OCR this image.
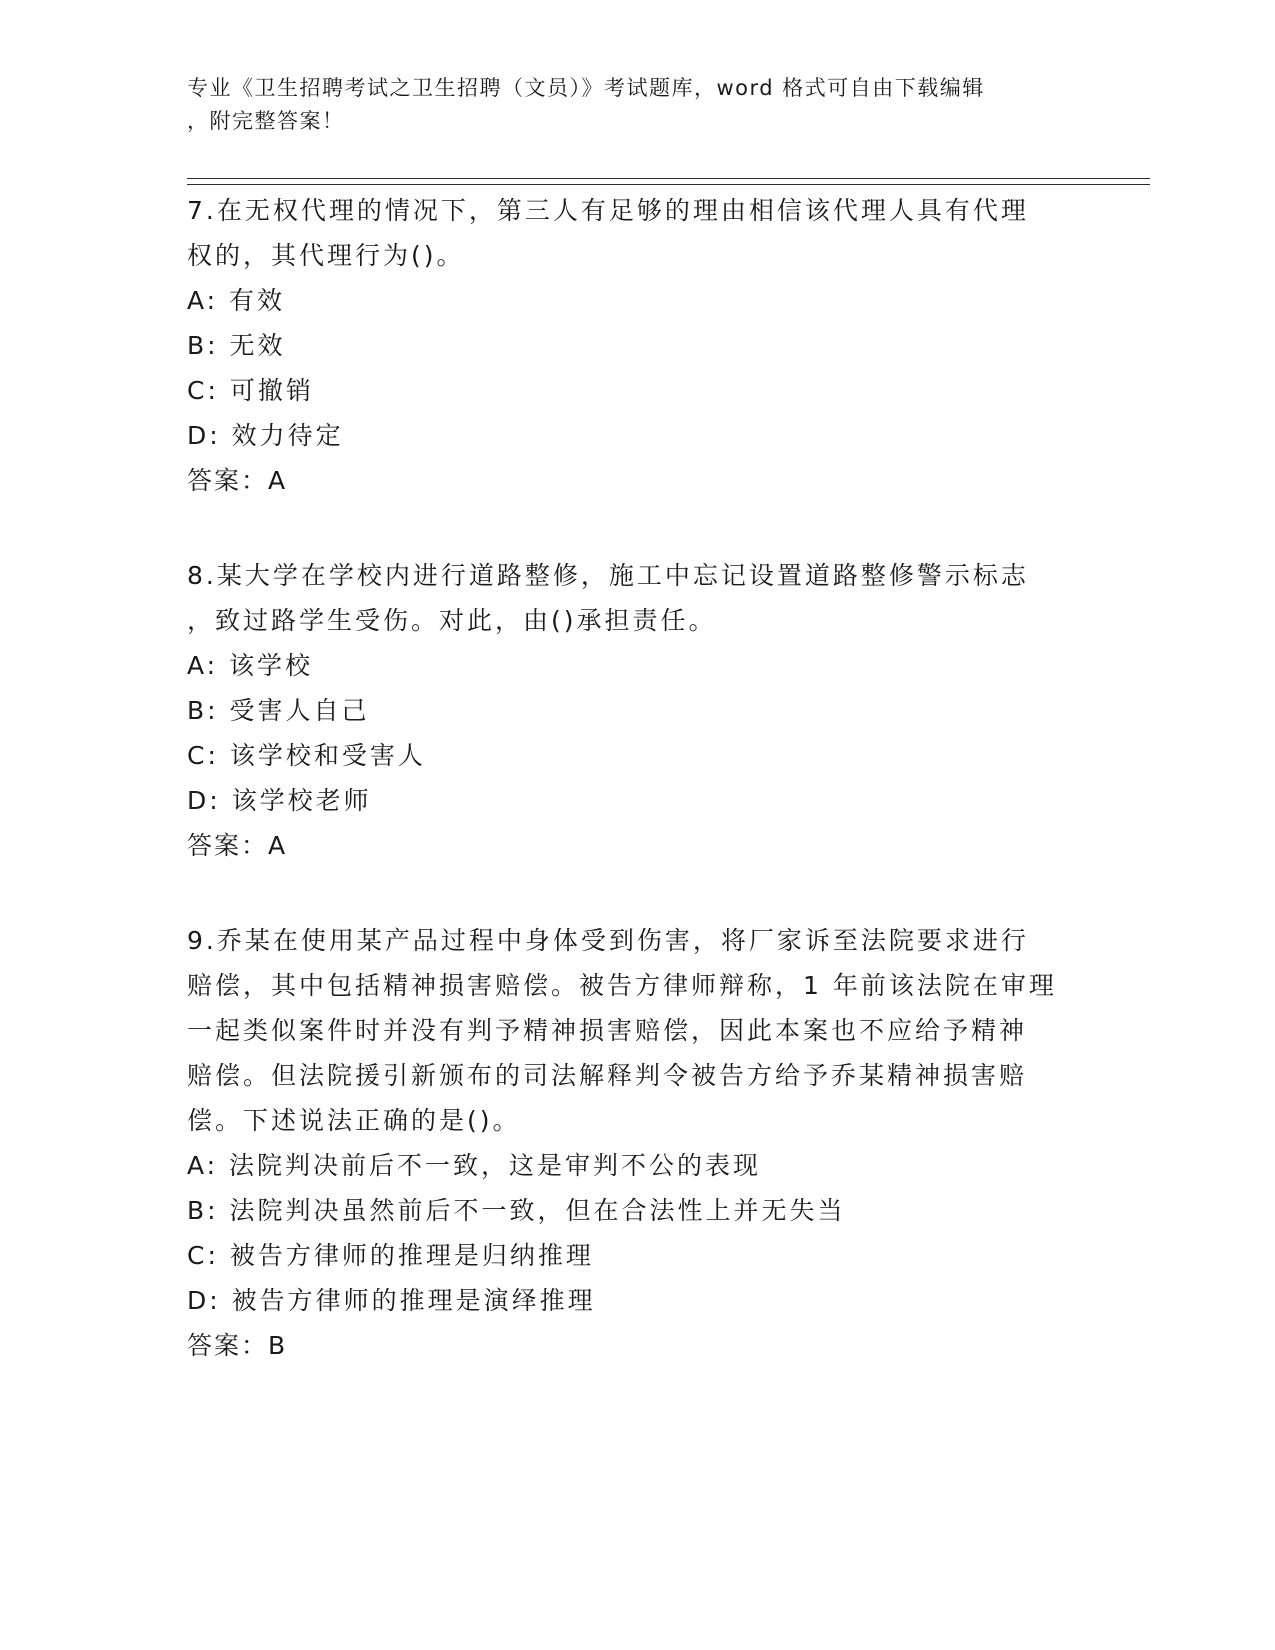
专业《卫生招聘考试之卫生招聘（文员）》考试题库，word 格式可自由下载编辑
，附完整答案！

7.在无权代理的情况下，第三人有足够的理由相信该代理人具有代理

权的，其代理行为()。

A: 有效

B: 无效

C: 可撤销

D: 效力待定

答案：A

8.某大学在学校内进行道路整修，施工中忘记设置道路整修警示标志

，致过路学生受伤。对此，由()承担责任。

A: 该学校

B: 受害人自己

C: 该学校和受害人

D: 该学校老师

答案：A

9.乔某在使用某产品过程中身体受到伤害，将厂家诉至法院要求进行

赔偿，其中包括精神损害赔偿。被告方律师辩称，1 年前该法院在审理

一起类似案件时并没有判予精神损害赔偿，因此本案也不应给予精神

赔偿。但法院援引新颁布的司法解释判令被告方给予乔某精神损害赔

偿。下述说法正确的是()。

A: 法院判决前后不一致，这是审判不公的表现

B: 法院判决虽然前后不一致，但在合法性上并无失当

C: 被告方律师的推理是归纳推理

D: 被告方律师的推理是演绎推理

答案：B
